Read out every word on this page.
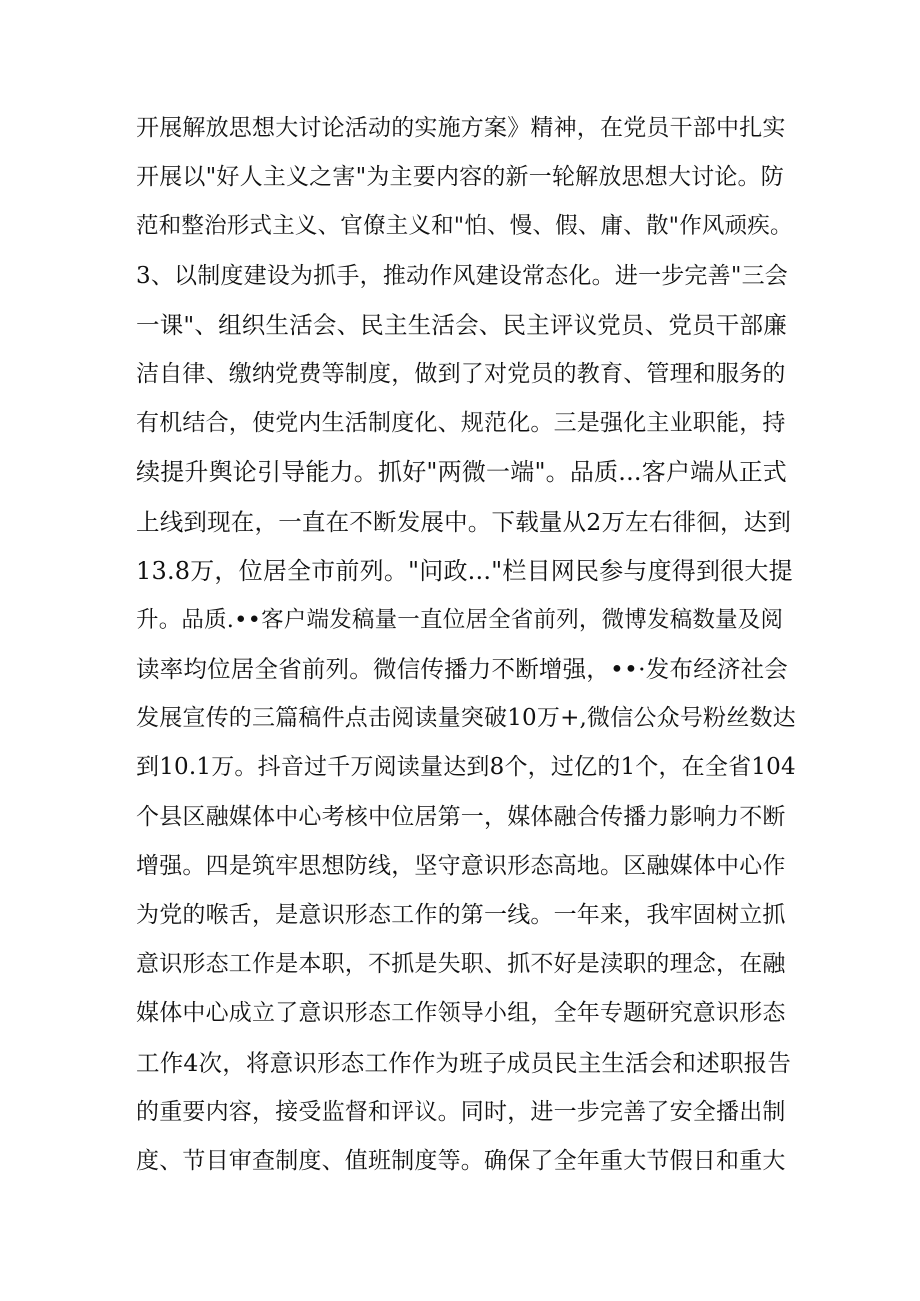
开展解放思想大讨论活动的实施方案》精神，在党员干部中扎实
开展以"好人主义之害"为主要内容的新一轮解放思想大讨论。防
范和整治形式主义、官僚主义和"怕、慢、假、庸、散"作风顽疾。
3、以制度建设为抓手，推动作风建设常态化。进一步完善"三会
一课"、组织生活会、民主生活会、民主评议党员、党员干部廉
洁自律、缴纳党费等制度，做到了对党员的教育、管理和服务的
有机结合，使党内生活制度化、规范化。三是强化主业职能，持
续提升舆论引导能力。抓好"两微一端"。品质...客户端从正式
上线到现在，一直在不断发展中。下载量从2万左右徘徊，达到
13.8万，位居全市前列。"问政..."栏目网民参与度得到很大提
升。品质.••客户端发稿量一直位居全省前列，微博发稿数量及阅
读率均位居全省前列。微信传播力不断增强，••·发布经济社会
发展宣传的三篇稿件点击阅读量突破10万+,微信公众号粉丝数达
到10.1万。抖音过千万阅读量达到8个，过亿的1个，在全省104
个县区融媒体中心考核中位居第一，媒体融合传播力影响力不断
增强。四是筑牢思想防线，坚守意识形态高地。区融媒体中心作
为党的喉舌，是意识形态工作的第一线。一年来，我牢固树立抓
意识形态工作是本职，不抓是失职、抓不好是渎职的理念，在融
媒体中心成立了意识形态工作领导小组，全年专题研究意识形态
工作4次，将意识形态工作作为班子成员民主生活会和述职报告
的重要内容，接受监督和评议。同时，进一步完善了安全播出制
度、节目审查制度、值班制度等。确保了全年重大节假日和重大
